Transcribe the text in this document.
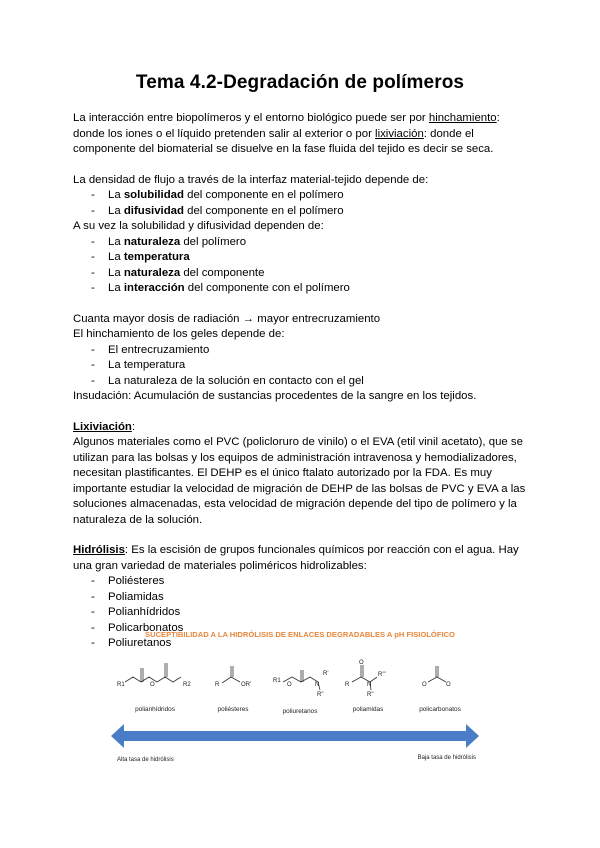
Tema 4.2-Degradación de polímeros

La interacción entre biopolímeros y el entorno biológico puede ser por hinchamiento: donde los iones o el líquido pretenden salir al exterior o por lixiviación: donde el componente del biomaterial se disuelve en la fase fluida del tejido es decir se seca.

La densidad de flujo a través de la interfaz material-tejido depende de:

- La solubilidad del componente en el polímero
- La difusividad del componente en el polímero

A su vez la solubilidad y difusividad dependen de:

- La naturaleza del polímero
- La temperatura
- La naturaleza del componente
- La interacción del componente con el polímero

Cuanta mayor dosis de radiación → mayor entrecruzamiento

El hinchamiento de los geles depende de:

- El entrecruzamiento
- La temperatura
- La naturaleza de la solución en contacto con el gel

Insudación: Acumulación de sustancias procedentes de la sangre en los tejidos.

Lixiviación:

Algunos materiales como el PVC (policloruro de vinilo) o el EVA (etil vinil acetato), que se utilizan para las bolsas y los equipos de administración intravenosa y hemodializadores, necesitan plastificantes. El DEHP es el único ftalato autorizado por la FDA. Es muy importante estudiar la velocidad de migración de DEHP de las bolsas de PVC y EVA a las soluciones almacenadas, esta velocidad de migración depende del tipo de polímero y la naturaleza de la solución.

Hidrólisis: Es la escisión de grupos funcionales químicos por reacción con el agua. Hay una gran variedad de materiales poliméricos hidrolizables:

- Poliésteres
- Poliamidas
- Polianhídridos
- Policarbonatos
- Poliuretanos
SUCEPTIBILIDAD A LA HIDRÓLISIS DE ENLACES DEGRADABLES A pH FISIOLÓFICO
R1	O	R2
polianhídridos
R	OR'
poliésteres
R1
O	N
R'
R"
poliuretanos
R
O
N
R'''
R"
poliamidas
O	O
policarbonatos
Alta tasa de hidrólisis	Baja tasa de hidrólisis
